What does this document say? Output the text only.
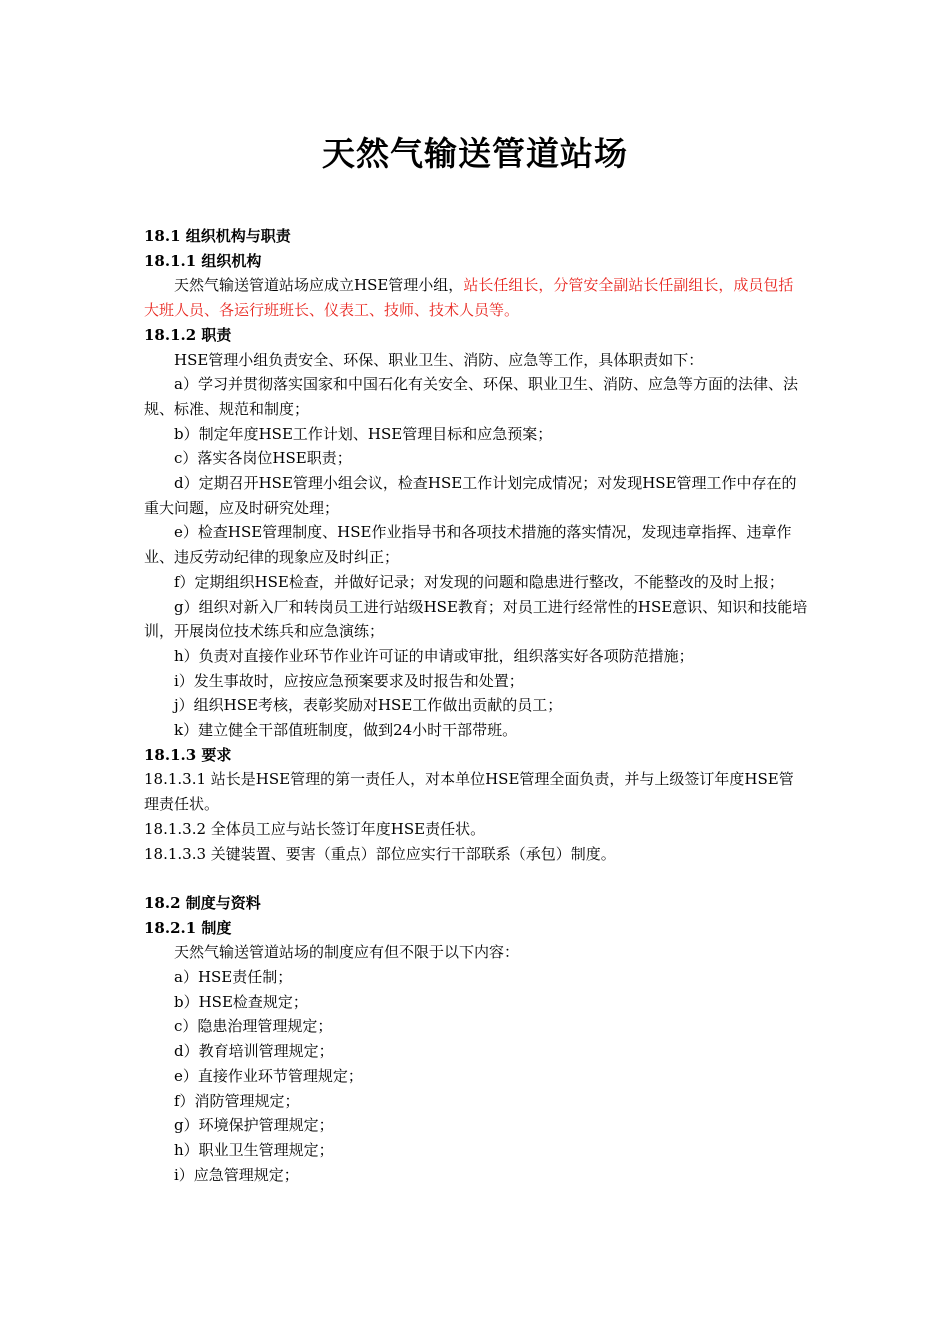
天然气输送管道站场

18.1 组织机构与职责

18.1.1 组织机构

天然气输送管道站场应成立HSE管理小组，站长任组长，分管安全副站长任副组长，成员包括大班人员、各运行班班长、仪表工、技师、技术人员等。

18.1.2 职责

HSE管理小组负责安全、环保、职业卫生、消防、应急等工作，具体职责如下：

a）学习并贯彻落实国家和中国石化有关安全、环保、职业卫生、消防、应急等方面的法律、法规、标准、规范和制度；

b）制定年度HSE工作计划、HSE管理目标和应急预案；

c）落实各岗位HSE职责；

d）定期召开HSE管理小组会议，检查HSE工作计划完成情况；对发现HSE管理工作中存在的重大问题，应及时研究处理；

e）检查HSE管理制度、HSE作业指导书和各项技术措施的落实情况，发现违章指挥、违章作业、违反劳动纪律的现象应及时纠正；

f）定期组织HSE检查，并做好记录；对发现的问题和隐患进行整改，不能整改的及时上报；

g）组织对新入厂和转岗员工进行站级HSE教育；对员工进行经常性的HSE意识、知识和技能培训，开展岗位技术练兵和应急演练；

h）负责对直接作业环节作业许可证的申请或审批，组织落实好各项防范措施；

i）发生事故时，应按应急预案要求及时报告和处置；

j）组织HSE考核，表彰奖励对HSE工作做出贡献的员工；

k）建立健全干部值班制度，做到24小时干部带班。

18.1.3 要求

18.1.3.1 站长是HSE管理的第一责任人，对本单位HSE管理全面负责，并与上级签订年度HSE管理责任状。

18.1.3.2 全体员工应与站长签订年度HSE责任状。

18.1.3.3 关键装置、要害（重点）部位应实行干部联系（承包）制度。

18.2 制度与资料

18.2.1 制度

天然气输送管道站场的制度应有但不限于以下内容：

a）HSE责任制；

b）HSE检查规定；

c）隐患治理管理规定；

d）教育培训管理规定；

e）直接作业环节管理规定；

f）消防管理规定；

g）环境保护管理规定；

h）职业卫生管理规定；

i）应急管理规定；
